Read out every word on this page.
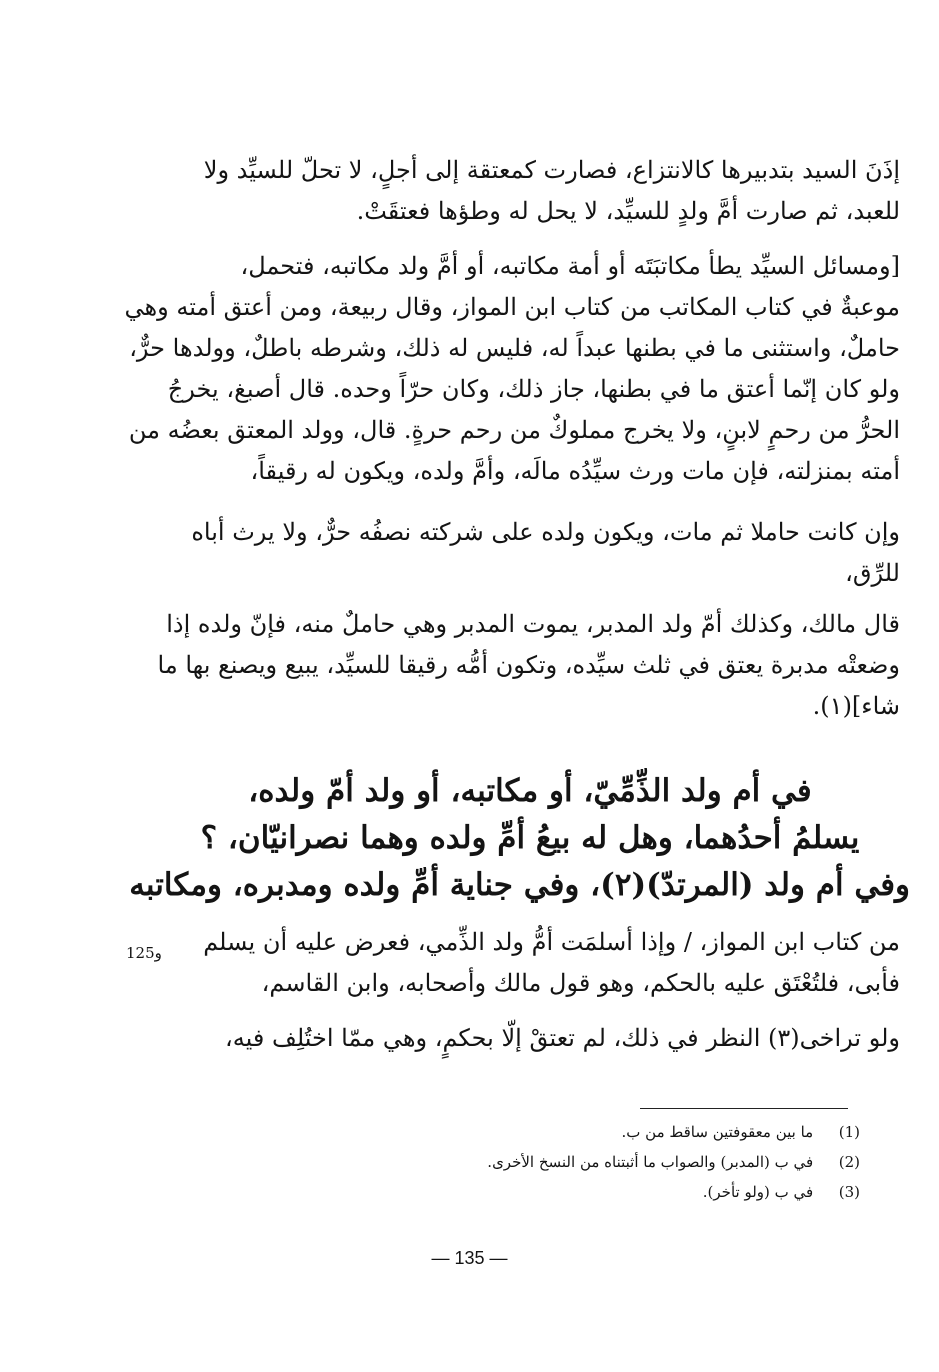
إذَنَ السيد بتدبيرها كالانتزاع، فصارت كمعتقة إلى أجلٍ، لا تحلّ للسيِّد ولا
للعبد، ثم صارت أمَّ ولدٍ للسيِّد، لا يحل له وطؤها فعتقَتْ.

[ومسائل السيِّد يطأ مكاتبَتَه أو أمة مكاتبه، أو أمَّ ولد مكاتبه، فتحمل،
موعبةٌ في كتاب المكاتب من كتاب ابن المواز، وقال ربيعة، ومن أعتق أمته وهي
حاملٌ، واستثنى ما في بطنها عبداً له، فليس له ذلك، وشرطه باطلٌ، وولدها حرٌّ،
ولو كان إنّما أعتق ما في بطنها، جاز ذلك، وكان حرّاً وحده. قال أصبغ، يخرجُ
الحرُّ من رحمٍ لابنٍ، ولا يخرج مملوكٌ من رحم حرةٍ. قال، وولد المعتق بعضُه من
أمته بمنزلته، فإن مات ورث سيِّدُه مالَه، وأمَّ ولده، ويكون له رقيقاً،

وإن كانت حاملا ثم مات، ويكون ولده على شركته نصفُه حرٌّ، ولا يرث أباه
للرِّق،

قال مالك، وكذلك أمّ ولد المدبر، يموت المدبر وهي حاملٌ منه، فإنّ ولده إذا
وضعتْه مدبرة يعتق في ثلث سيِّده، وتكون أمُّه رقيقا للسيِّد، يبيع ويصنع بها ما
شاء](١).

في أم ولد الذِّمِّيّ، أو مكاتبه، أو ولد أمّ ولده،
يسلمُ أحدُهما، وهل له بيعُ أمِّ ولده وهما نصرانيّان، ؟
وفي أم ولد (المرتدّ)(٢)، وفي جناية أمِّ ولده ومدبره، ومكاتبه

من كتاب ابن المواز، / وإذا أسلمَت أمُّ ولد الذِّمي، فعرض عليه أن يسلم
فأبى، فلتُعْتَق عليه بالحكم، وهو قول مالك وأصحابه، وابن القاسم،

125و

ولو تراخى(٣) النظر في ذلك، لم تعتقْ إلّا بحكمٍ، وهي ممّا اختُلِف فيه،

(1) ما بين معقوفتين ساقط من ب.
(2) في ب (المدبر) والصواب ما أثبتناه من النسخ الأخرى.
(3) في ب (ولو تأخر).
— 135 —
